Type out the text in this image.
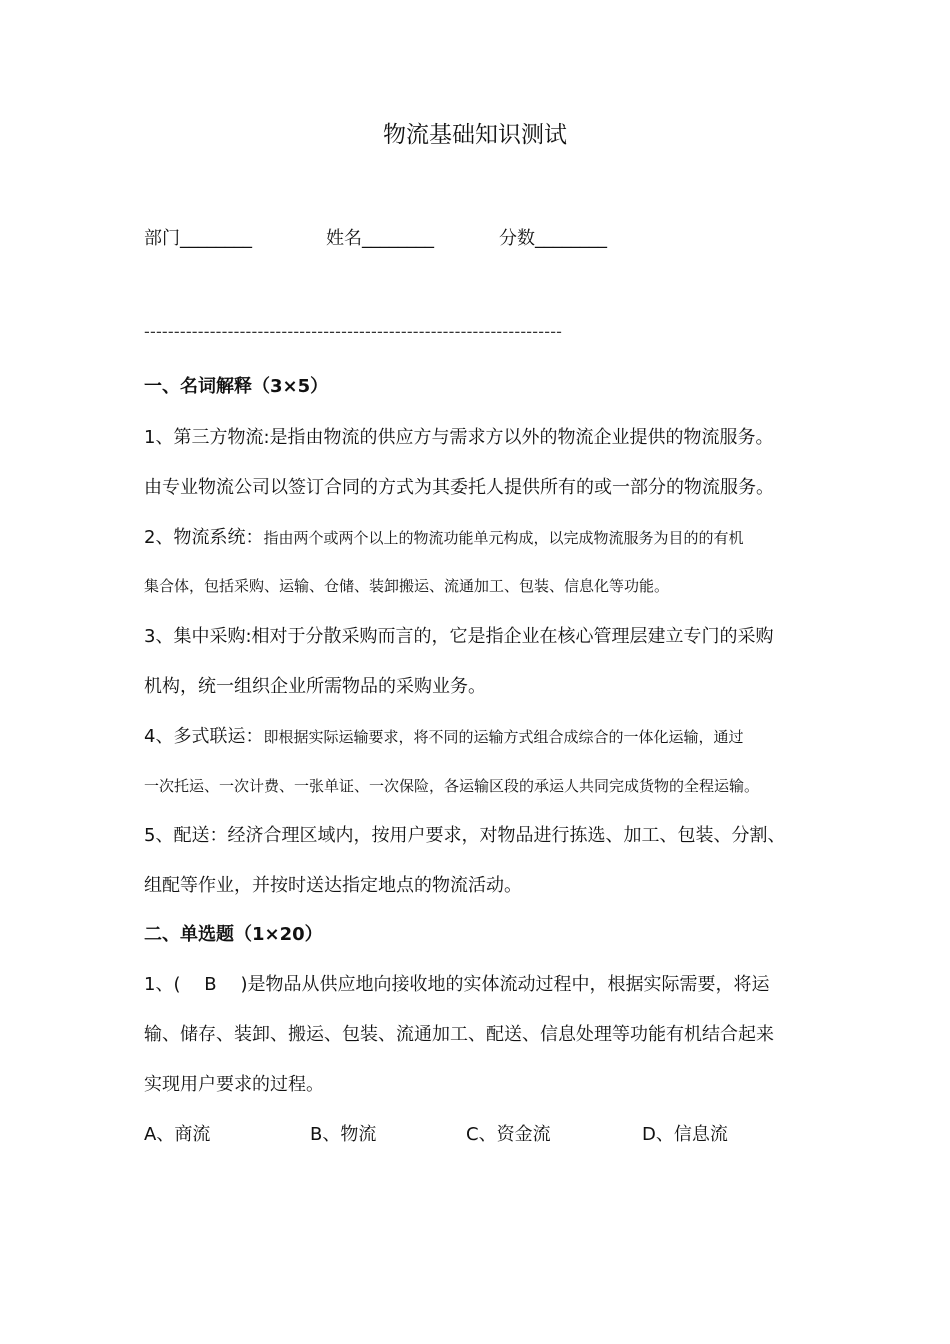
物流基础知识测试
部门________	姓名________	分数________
----------------------------------------------------------------------
一、名词解释（3×5）
1、第三方物流:是指由物流的供应方与需求方以外的物流企业提供的物流服务。
由专业物流公司以签订合同的方式为其委托人提供所有的或一部分的物流服务。
2、物流系统：指由两个或两个以上的物流功能单元构成，以完成物流服务为目的的有机
集合体，包括采购、运输、仓储、装卸搬运、流通加工、包装、信息化等功能。
3、集中采购:相对于分散采购而言的，它是指企业在核心管理层建立专门的采购
机构，统一组织企业所需物品的采购业务。
4、多式联运：即根据实际运输要求，将不同的运输方式组合成综合的一体化运输，通过
一次托运、一次计费、一张单证、一次保险，各运输区段的承运人共同完成货物的全程运输。
5、配送：经济合理区域内，按用户要求，对物品进行拣选、加工、包装、分割、
组配等作业，并按时送达指定地点的物流活动。
二、单选题（1×20）
1、( B )是物品从供应地向接收地的实体流动过程中，根据实际需要，将运
输、储存、装卸、搬运、包装、流通加工、配送、信息处理等功能有机结合起来
实现用户要求的过程。
A、商流	B、物流	C、资金流	D、信息流
